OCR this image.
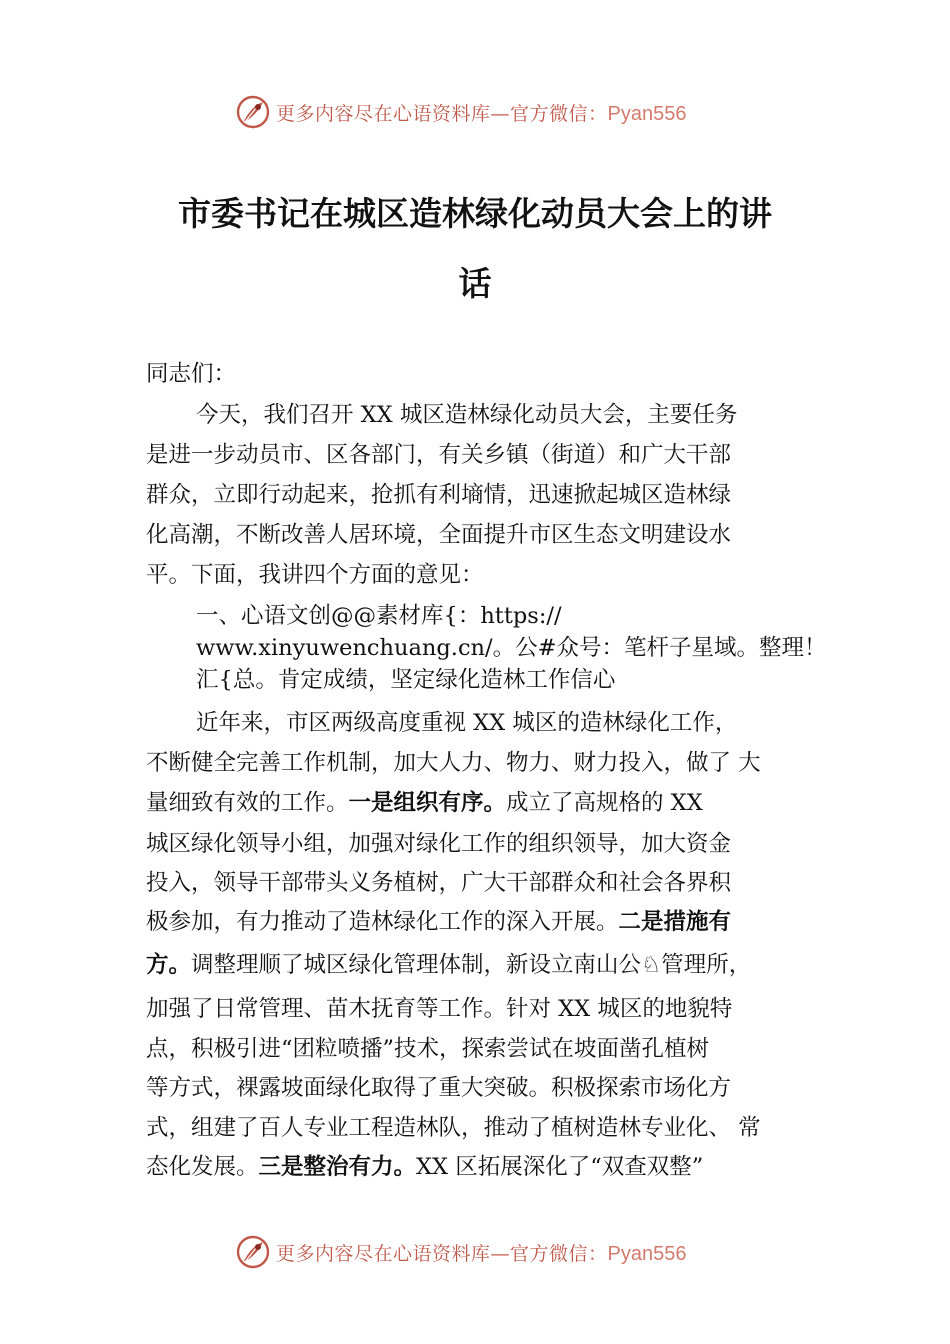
更多内容尽在心语资料库—官方微信：Pyan556
市委书记在城区造林绿化动员大会上的讲
话
同志们：
今天，我们召开 XX 城区造林绿化动员大会，主要任务
是进一步动员市、区各部门，有关乡镇（街道）和广大干部
群众，立即行动起来，抢抓有利墒情，迅速掀起城区造林绿
化高潮，不断改善人居环境，全面提升市区生态文明建设水
平。下面，我讲四个方面的意见：
一、心语文创@@素材库{：https://
www.xinyuwenchuang.cn/。公#众号：笔杆子星域。整理！
汇{总。肯定成绩，坚定绿化造林工作信心
近年来，市区两级高度重视 XX 城区的造林绿化工作，
不断健全完善工作机制，加大人力、物力、财力投入，做了 大
量细致有效的工作。一是组织有序。成立了高规格的 XX
城区绿化领导小组，加强对绿化工作的组织领导，加大资金
投入，领导干部带头义务植树，广大干部群众和社会各界积
极参加，有力推动了造林绿化工作的深入开展。二是措施有
方。调整理顺了城区绿化管理体制，新设立南山公♘管理所，
加强了日常管理、苗木抚育等工作。针对 XX 城区的地貌特
点，积极引进“团粒喷播”技术，探索尝试在坡面凿孔植树
等方式，裸露坡面绿化取得了重大突破。积极探索市场化方
式，组建了百人专业工程造林队，推动了植树造林专业化、 常
态化发展。三是整治有力。XX 区拓展深化了“双查双整”
更多内容尽在心语资料库—官方微信：Pyan556
